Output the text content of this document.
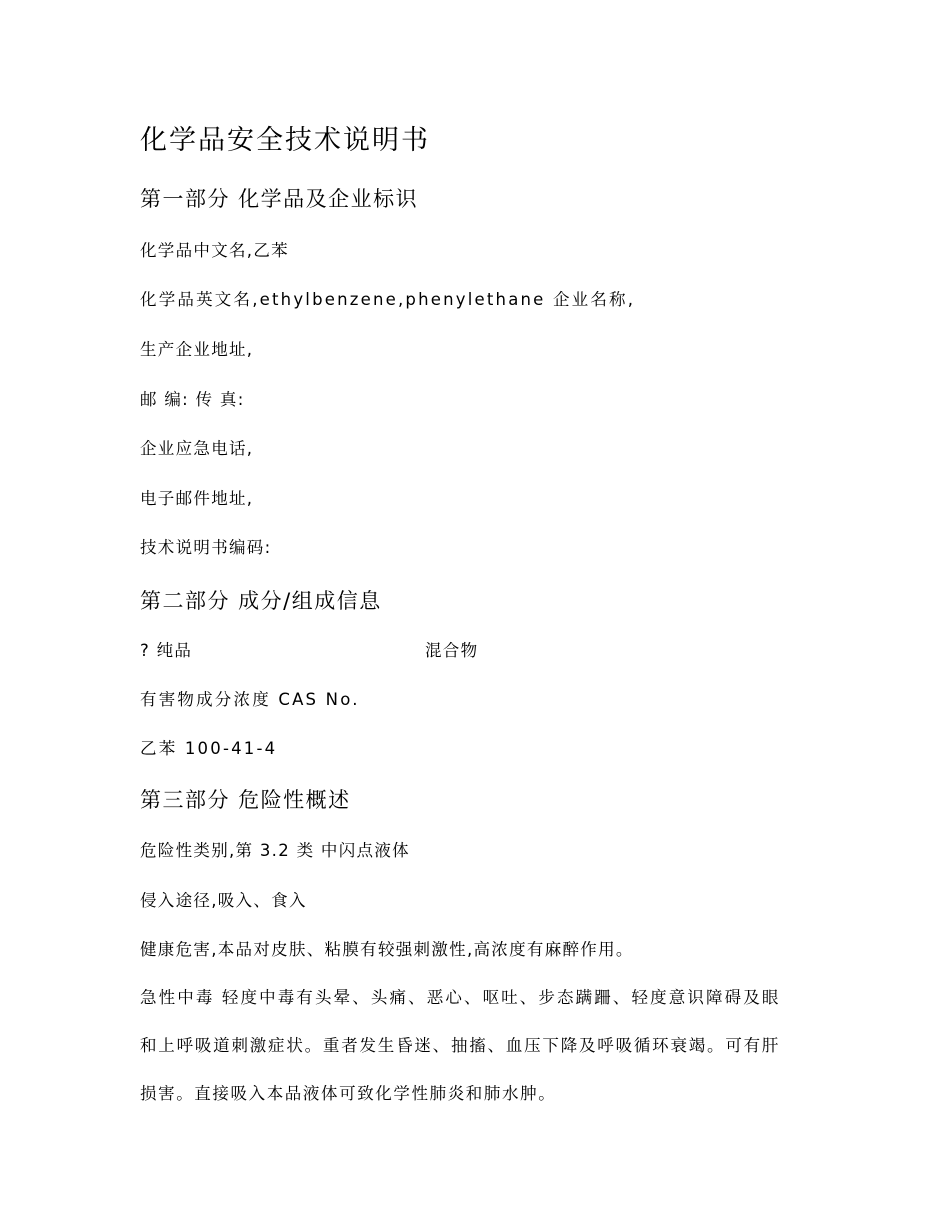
化学品安全技术说明书
第一部分 化学品及企业标识
化学品中文名,乙苯
化学品英文名,ethylbenzene,phenylethane 企业名称,
生产企业地址,
邮 编: 传 真:
企业应急电话,
电子邮件地址,
技术说明书编码:
第二部分 成分/组成信息
? 纯品	混合物
有害物成分浓度 CAS No.
乙苯 100-41-4
第三部分 危险性概述
危险性类别,第 3.2 类 中闪点液体
侵入途径,吸入、食入
健康危害,本品对皮肤、粘膜有较强刺激性,高浓度有麻醉作用。
急性中毒 轻度中毒有头晕、头痛、恶心、呕吐、步态蹒跚、轻度意识障碍及眼和上呼吸道刺激症状。重者发生昏迷、抽搐、血压下降及呼吸循环衰竭。可有肝损害。直接吸入本品液体可致化学性肺炎和肺水肿。
